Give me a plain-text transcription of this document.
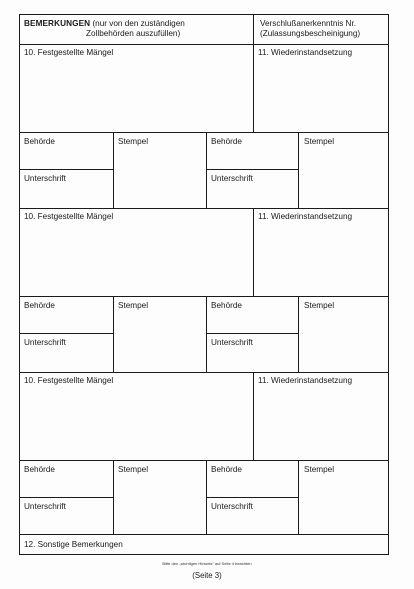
BEMERKUNGEN (nur von den zuständigen
Zollbehörden auszufüllen)
Verschlußanerkenntnis Nr.
(Zulassungsbescheinigung)
10. Festgestellte Mängel	11. Wiederinstandsetzung
Behörde
Unterschrift
Stempel	Behörde
Unterschrift
Stempel
10. Festgestellte Mängel	11. Wiederinstandsetzung
Behörde
Unterschrift
Stempel	Behörde
Unterschrift
Stempel
10. Festgestellte Mängel	11. Wiederinstandsetzung
Behörde
Unterschrift
Stempel	Behörde
Unterschrift
Stempel
12. Sonstige Bemerkungen
Bitte den „wichtigen Hinweis“ auf Seite 4 beachten
(Seite 3)
